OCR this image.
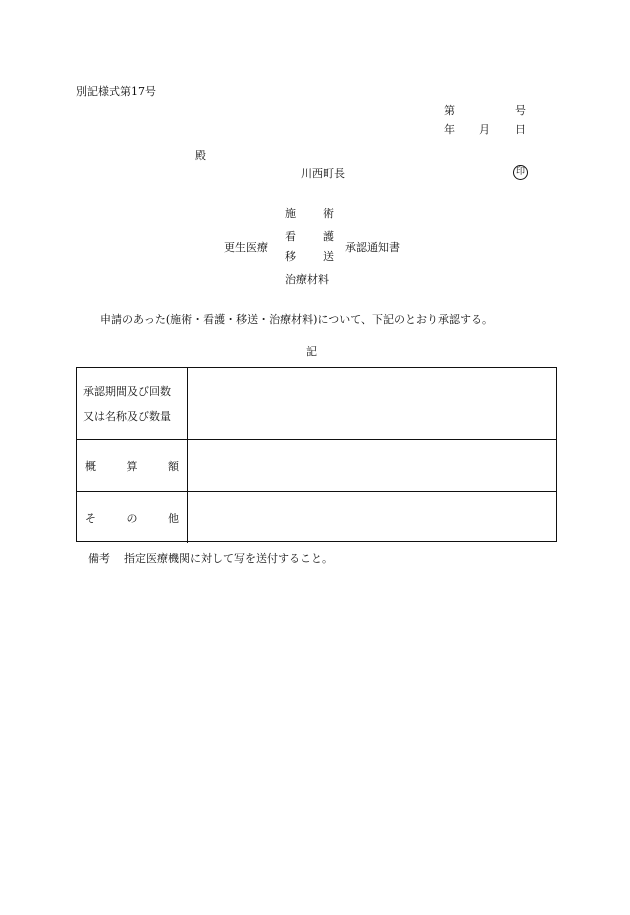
別記様式第17号
第	号
年 月 日
殿
川西町長	印
更生医療
施 術
看 護
移 送
治療材料
承認通知書
申請のあった(施術・看護・移送・治療材料)について、下記のとおり承認する。
記
承認期間及び回数
又は名称及び数量
概	算	額
そ	の	他
備考 指定医療機関に対して写を送付すること。
